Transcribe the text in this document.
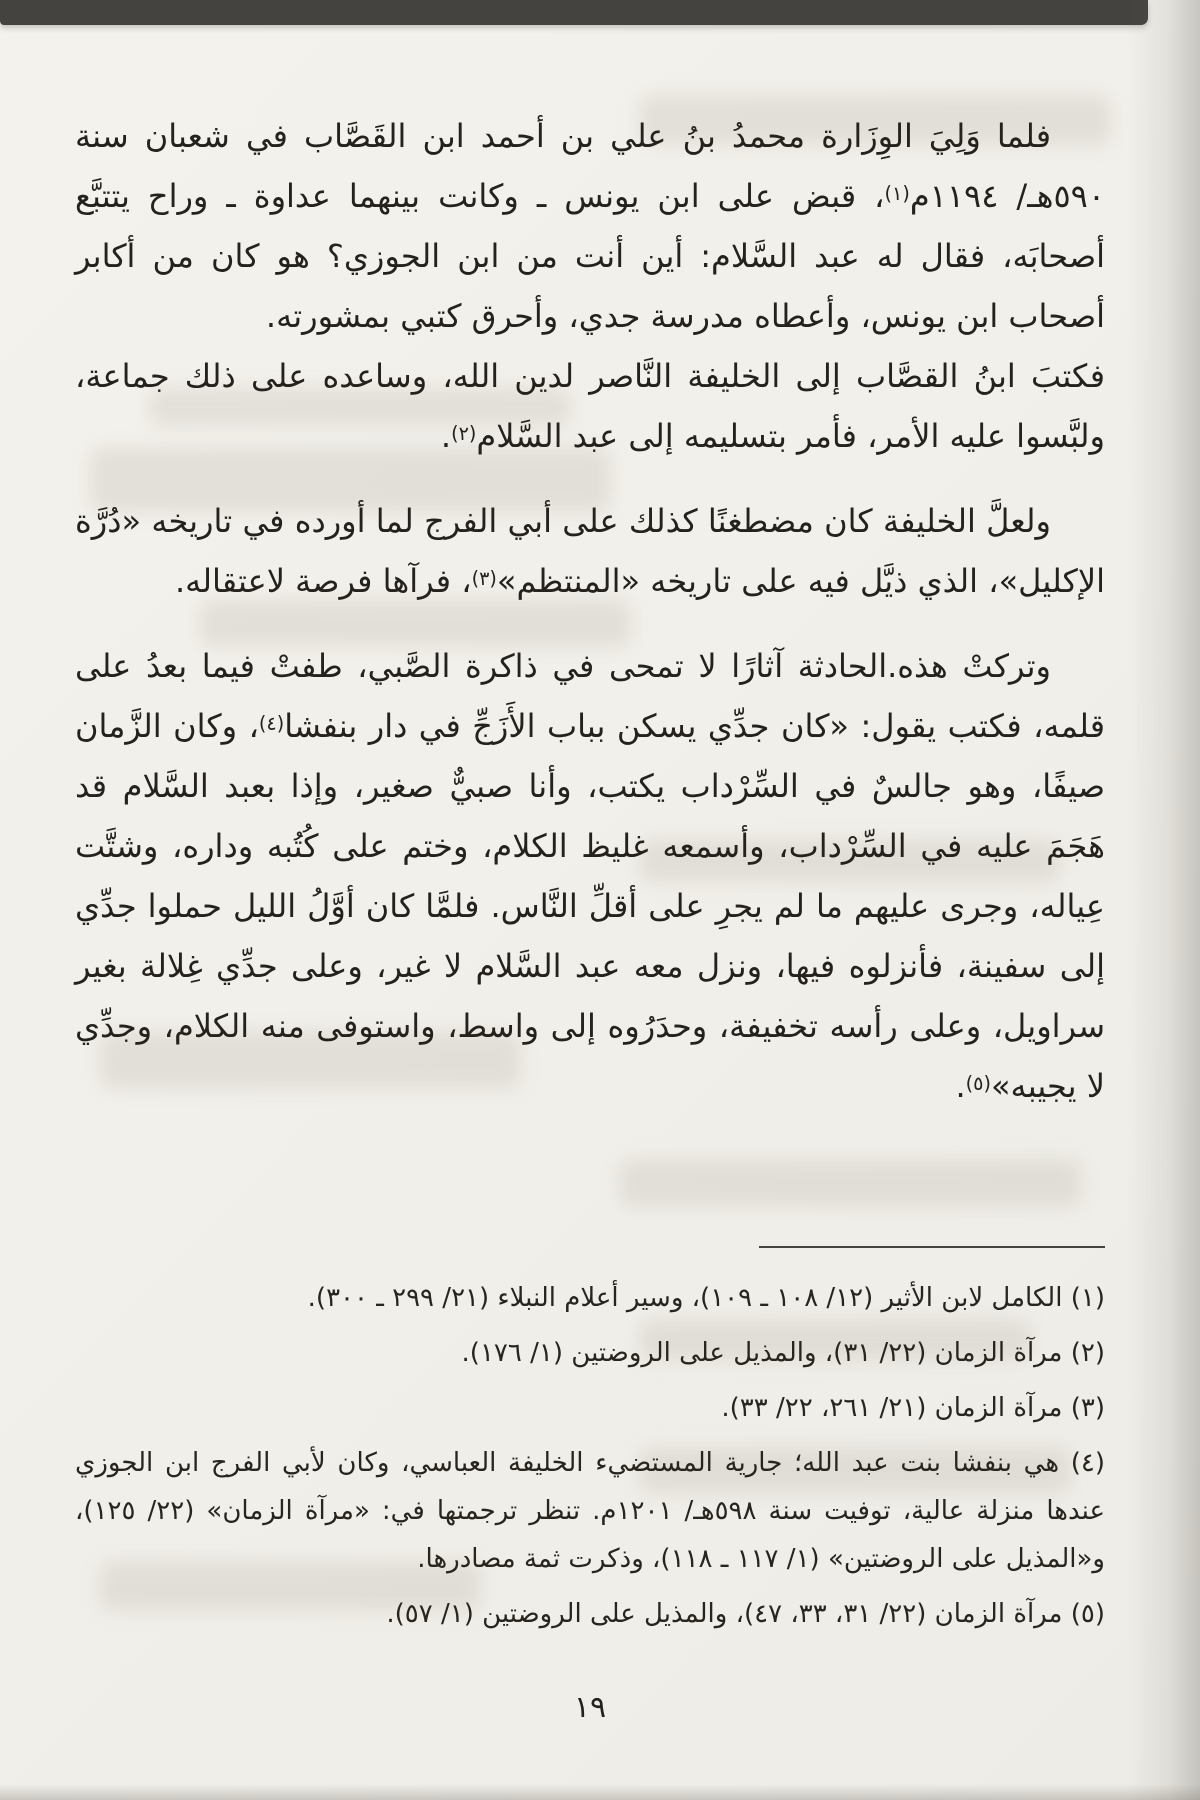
فلما وَلِيَ الوِزَارة محمدُ بنُ علي بن أحمد ابن القَصَّاب في شعبان سنة ٥٩٠هـ/ ١١٩٤م$^{(١)}$، قبض على ابن يونس ـ وكانت بينهما عداوة ـ وراح يتتبَّع أصحابَه، فقال له عبد السَّلام: أين أنت من ابن الجوزي؟ هو كان من أكابر أصحاب ابن يونس، وأعطاه مدرسة جدي، وأحرق كتبي بمشورته.

فكتبَ ابنُ القصَّاب إلى الخليفة النَّاصر لدين الله، وساعده على ذلك جماعة، ولبَّسوا عليه الأمر، فأمر بتسليمه إلى عبد السَّلام$^{(٢)}$.

ولعلَّ الخليفة كان مضطغنًا كذلك على أبي الفرج لما أورده في تاريخه «دُرَّة الإكليل»، الذي ذيَّل فيه على تاريخه «المنتظم»$^{(٣)}$، فرآها فرصة لاعتقاله.

وتركتْ هذه.الحادثة آثارًا لا تمحى في ذاكرة الصَّبي، طفتْ فيما بعدُ على قلمه، فكتب يقول: «كان جدِّي يسكن بباب الأَزَجِّ في دار بنفشا$^{(٤)}$، وكان الزَّمان صيفًا، وهو جالسٌ في السِّرْداب يكتب، وأنا صبيٌّ صغير، وإذا بعبد السَّلام قد هَجَمَ عليه في السِّرْداب، وأسمعه غليظ الكلام، وختم على كُتُبه وداره، وشتَّت عِياله، وجرى عليهم ما لم يجرِ على أقلِّ النَّاس. فلمَّا كان أوَّلُ الليل حملوا جدِّي إلى سفينة، فأنزلوه فيها، ونزل معه عبد السَّلام لا غير، وعلى جدِّي غِلالة بغير سراويل، وعلى رأسه تخفيفة، وحدَرُوه إلى واسط، واستوفى منه الكلام، وجدِّي لا يجيبه»$^{(٥)}$.

(١) الكامل لابن الأثير (١٢/ ١٠٨ ـ ١٠٩)، وسير أعلام النبلاء (٢١/ ٢٩٩ ـ ٣٠٠).

(٢) مرآة الزمان (٢٢/ ٣١)، والمذيل على الروضتين (١/ ١٧٦).

(٣) مرآة الزمان (٢١/ ٢٦١، ٢٢/ ٣٣).

(٤) هي بنفشا بنت عبد الله؛ جارية المستضيء الخليفة العباسي، وكان لأبي الفرج ابن الجوزي عندها منزلة عالية، توفيت سنة ٥٩٨هـ/ ١٢٠١م. تنظر ترجمتها في: «مرآة الزمان» (٢٢/ ١٢٥)، و«المذيل على الروضتين» (١/ ١١٧ ـ ١١٨)، وذكرت ثمة مصادرها.

(٥) مرآة الزمان (٢٢/ ٣١، ٣٣، ٤٧)، والمذيل على الروضتين (١/ ٥٧).

١٩
